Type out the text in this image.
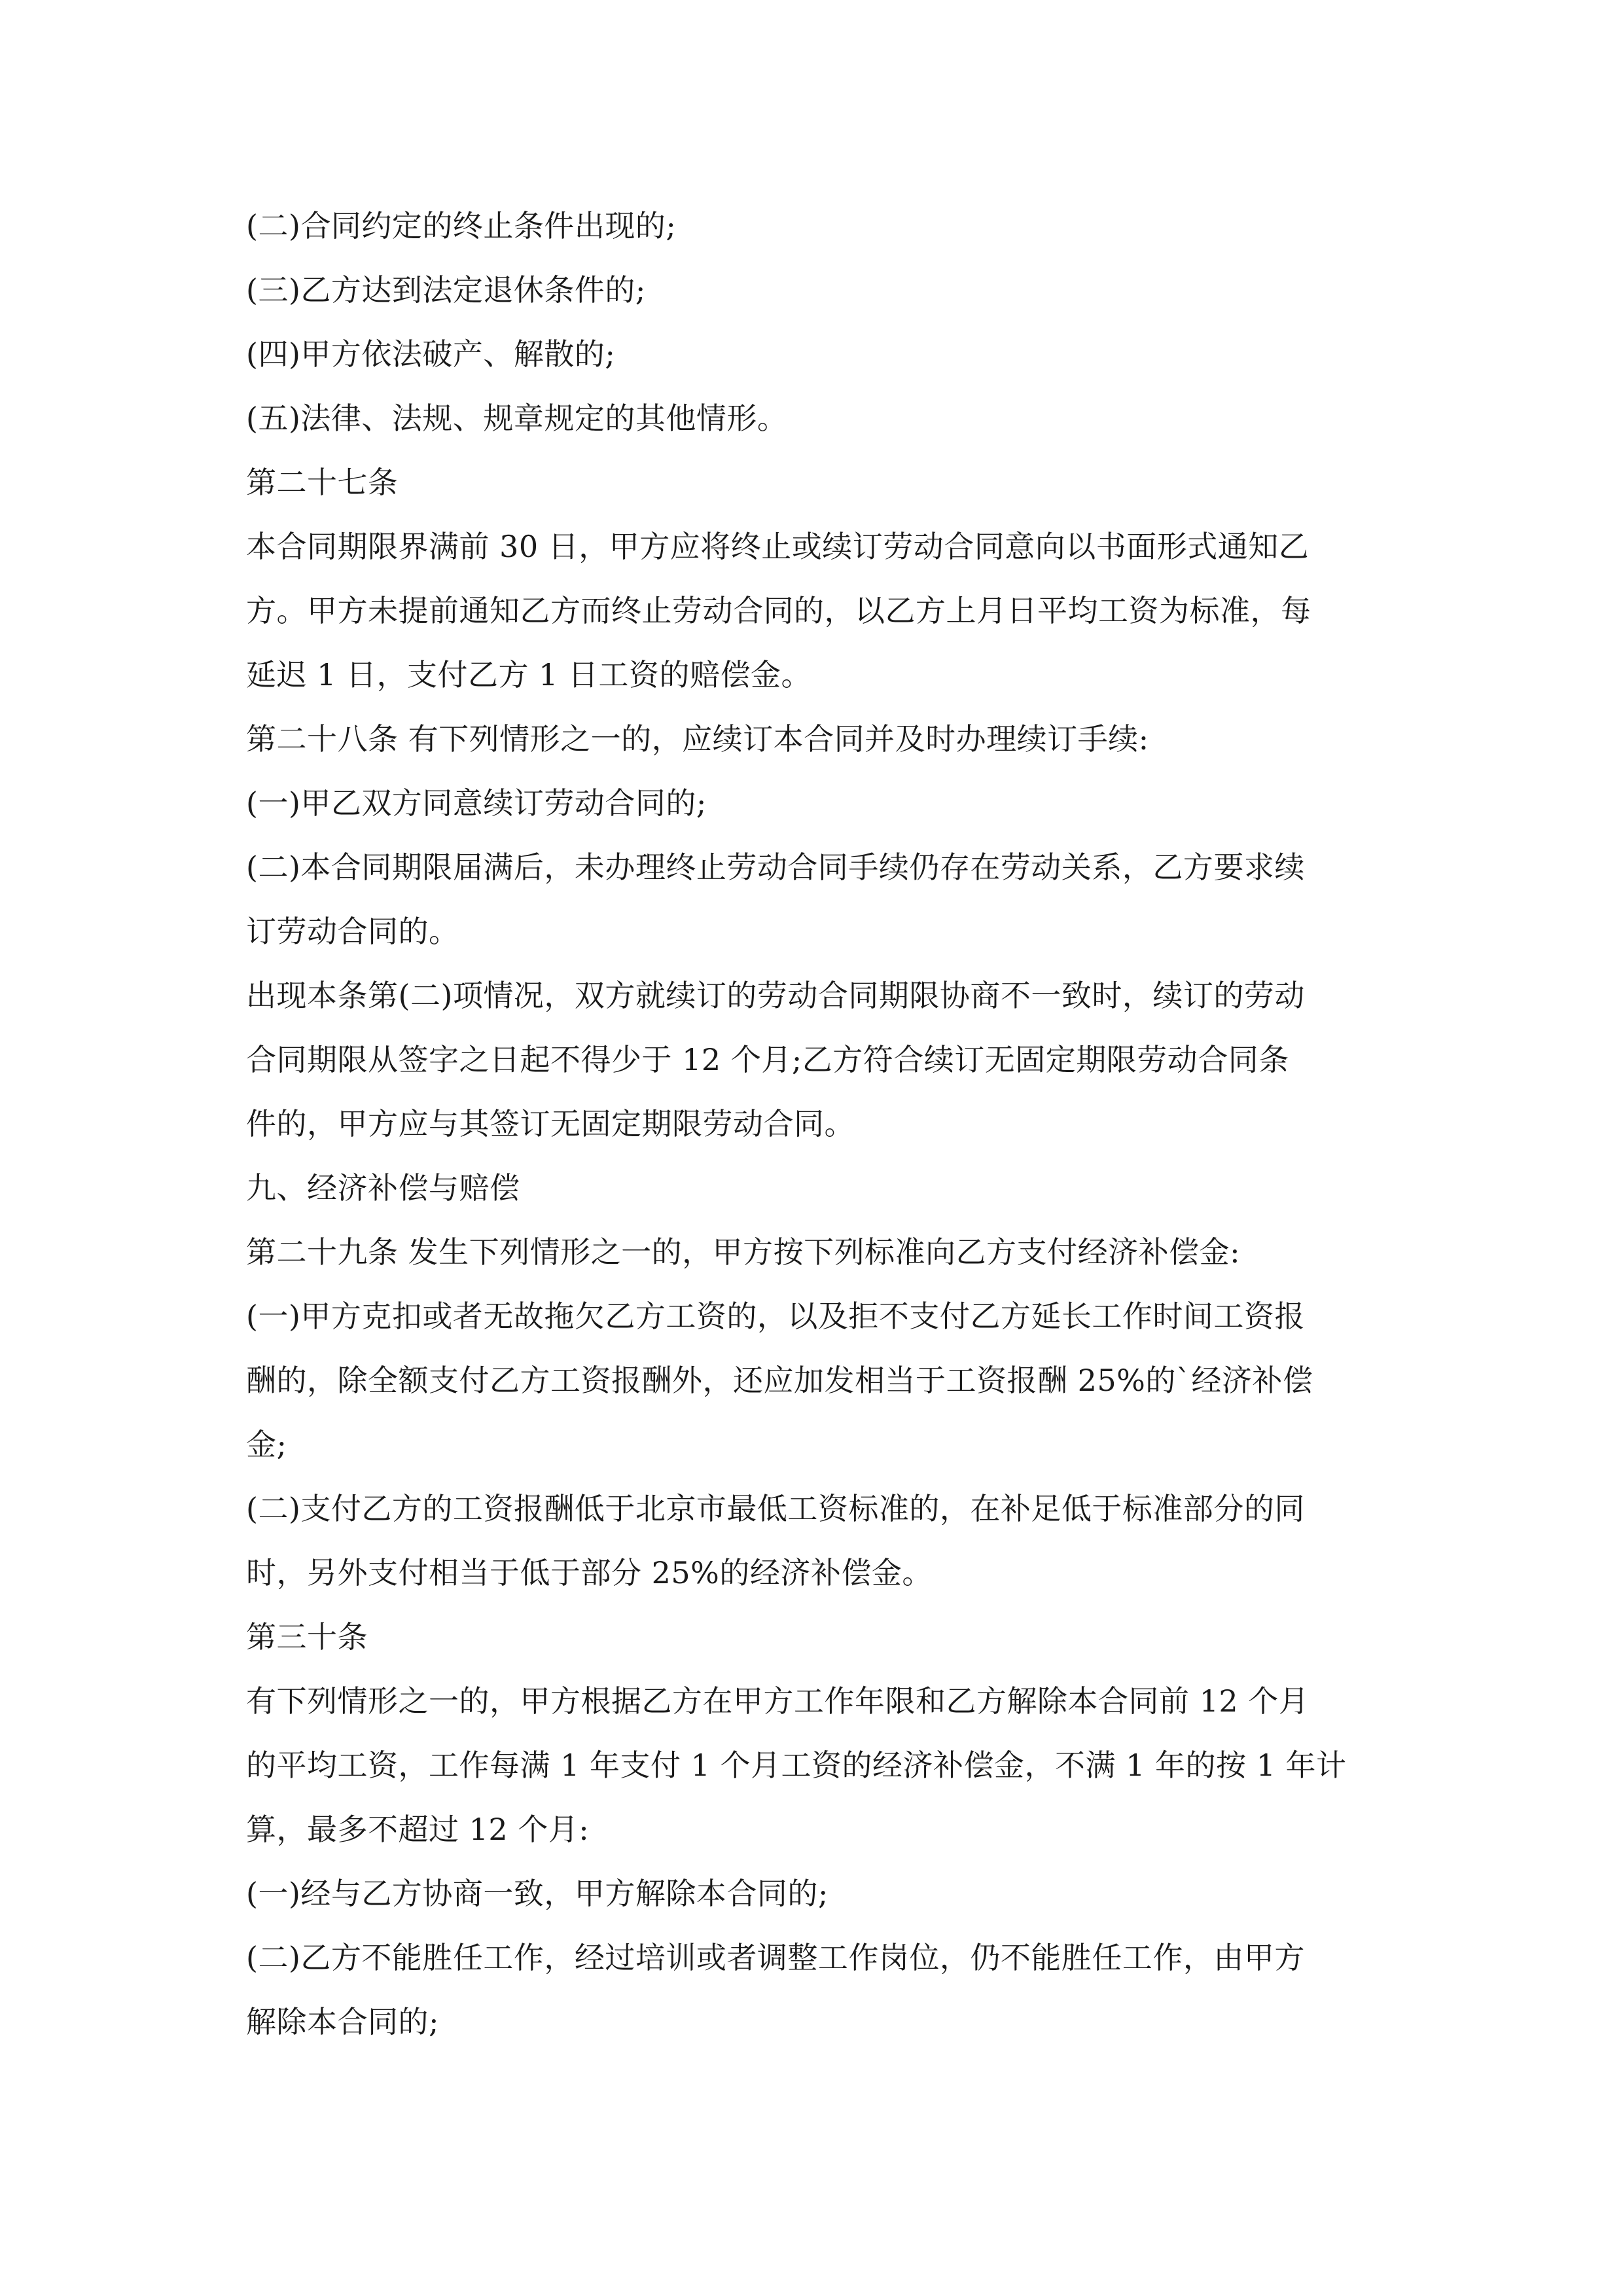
(二)合同约定的终止条件出现的;
(三)乙方达到法定退休条件的;
(四)甲方依法破产、解散的;
(五)法律、法规、规章规定的其他情形。
第二十七条
本合同期限界满前 30 日，甲方应将终止或续订劳动合同意向以书面形式通知乙
方。甲方未提前通知乙方而终止劳动合同的，以乙方上月日平均工资为标准，每
延迟 1 日，支付乙方 1 日工资的赔偿金。
第二十八条 有下列情形之一的，应续订本合同并及时办理续订手续:
(一)甲乙双方同意续订劳动合同的;
(二)本合同期限届满后，未办理终止劳动合同手续仍存在劳动关系，乙方要求续
订劳动合同的。
出现本条第(二)项情况，双方就续订的劳动合同期限协商不一致时，续订的劳动
合同期限从签字之日起不得少于 12 个月;乙方符合续订无固定期限劳动合同条
件的，甲方应与其签订无固定期限劳动合同。
九、经济补偿与赔偿
第二十九条 发生下列情形之一的，甲方按下列标准向乙方支付经济补偿金:
(一)甲方克扣或者无故拖欠乙方工资的，以及拒不支付乙方延长工作时间工资报
酬的，除全额支付乙方工资报酬外，还应加发相当于工资报酬 25%的`经济补偿
金;
(二)支付乙方的工资报酬低于北京市最低工资标准的，在补足低于标准部分的同
时，另外支付相当于低于部分 25%的经济补偿金。
第三十条
有下列情形之一的，甲方根据乙方在甲方工作年限和乙方解除本合同前 12 个月
的平均工资，工作每满 1 年支付 1 个月工资的经济补偿金，不满 1 年的按 1 年计
算，最多不超过 12 个月:
(一)经与乙方协商一致，甲方解除本合同的;
(二)乙方不能胜任工作，经过培训或者调整工作岗位，仍不能胜任工作，由甲方
解除本合同的;
